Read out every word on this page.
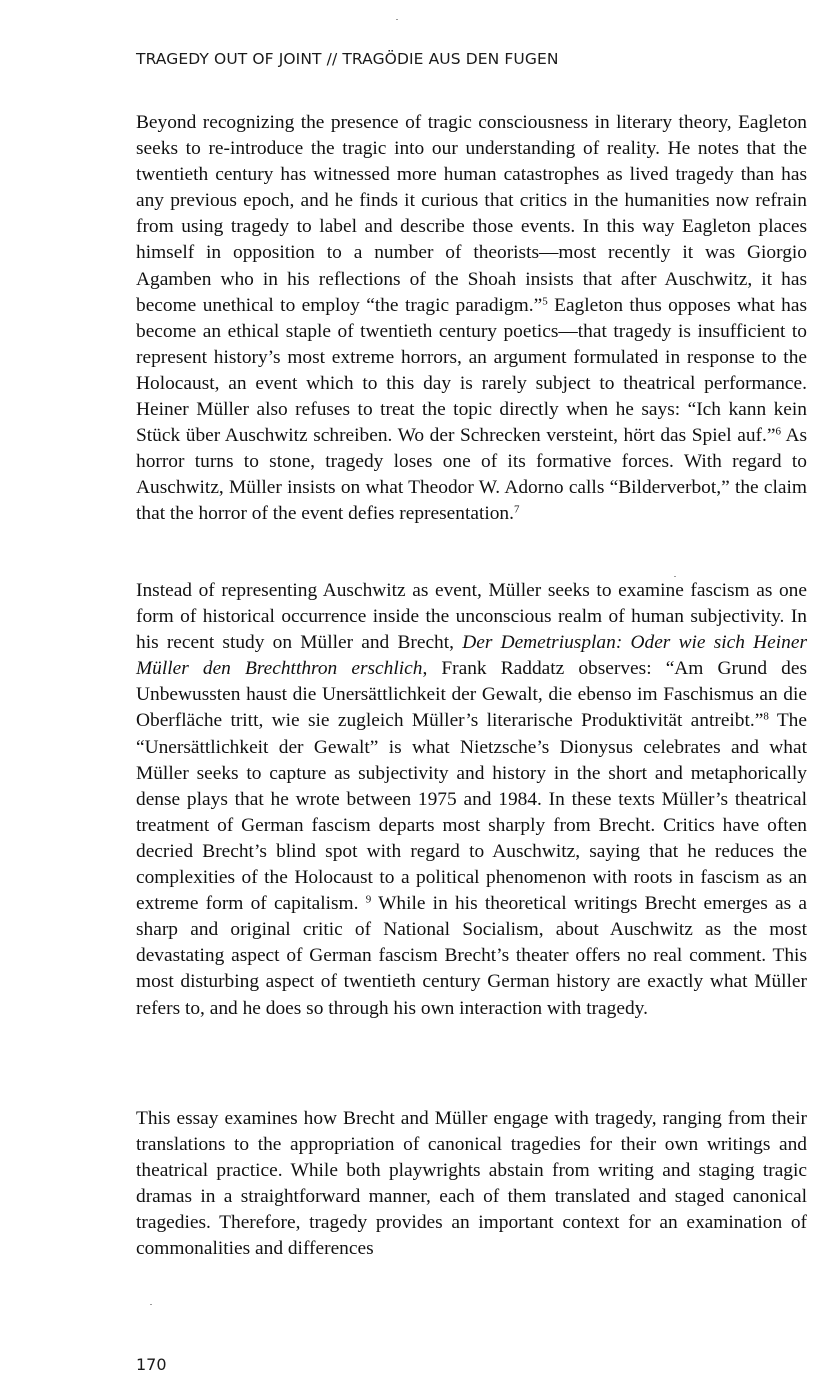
TRAGEDY OUT OF JOINT // TRAGÖDIE AUS DEN FUGEN

Beyond recognizing the presence of tragic consciousness in literary theory, Eagleton seeks to re-introduce the tragic into our understanding of reality. He notes that the twentieth century has witnessed more human catastrophes as lived tragedy than has any previous epoch, and he finds it curious that critics in the humanities now refrain from using tragedy to label and describe those events. In this way Eagleton places himself in opposition to a number of theorists—most recently it was Giorgio Agamben who in his reflections of the Shoah insists that after Auschwitz, it has become unethical to employ “the tragic paradigm.”$^5$ Eagleton thus opposes what has become an ethical staple of twentieth century poetics—that tragedy is insufficient to represent history’s most extreme horrors, an argument formulated in response to the Holocaust, an event which to this day is rarely subject to theatrical performance. Heiner Müller also refuses to treat the topic directly when he says: “Ich kann kein Stück über Auschwitz schreiben. Wo der Schrecken versteint, hört das Spiel auf.”$^6$ As horror turns to stone, tragedy loses one of its formative forces. With regard to Auschwitz, Müller insists on what Theodor W. Adorno calls “Bilderverbot,” the claim that the horror of the event defies representation.$^7$

Instead of representing Auschwitz as event, Müller seeks to examine fascism as one form of historical occurrence inside the unconscious realm of human subjectivity. In his recent study on Müller and Brecht, Der Demetriusplan: Oder wie sich Heiner Müller den Brechtthron erschlich, Frank Raddatz observes: “Am Grund des Unbewussten haust die Unersättlichkeit der Gewalt, die ebenso im Faschismus an die Oberfläche tritt, wie sie zugleich Müller’s literarische Produktivität antreibt.”$^8$ The “Unersättlichkeit der Gewalt” is what Nietzsche’s Dionysus celebrates and what Müller seeks to capture as subjectivity and history in the short and metaphorically dense plays that he wrote between 1975 and 1984. In these texts Müller’s theatrical treatment of German fascism departs most sharply from Brecht. Critics have often decried Brecht’s blind spot with regard to Auschwitz, saying that he reduces the complexities of the Holocaust to a political phenomenon with roots in fascism as an extreme form of capitalism. $^9$ While in his theoretical writings Brecht emerges as a sharp and original critic of National Socialism, about Auschwitz as the most devastating aspect of German fascism Brecht’s theater offers no real comment. This most disturbing aspect of twentieth century German history are exactly what Müller refers to, and he does so through his own interaction with tragedy.

This essay examines how Brecht and Müller engage with tragedy, ranging from their translations to the appropriation of canonical tragedies for their own writings and theatrical practice. While both playwrights abstain from writing and staging tragic dramas in a straightforward manner, each of them translated and staged canonical tragedies. Therefore, tragedy provides an important context for an examination of commonalities and differences

170
